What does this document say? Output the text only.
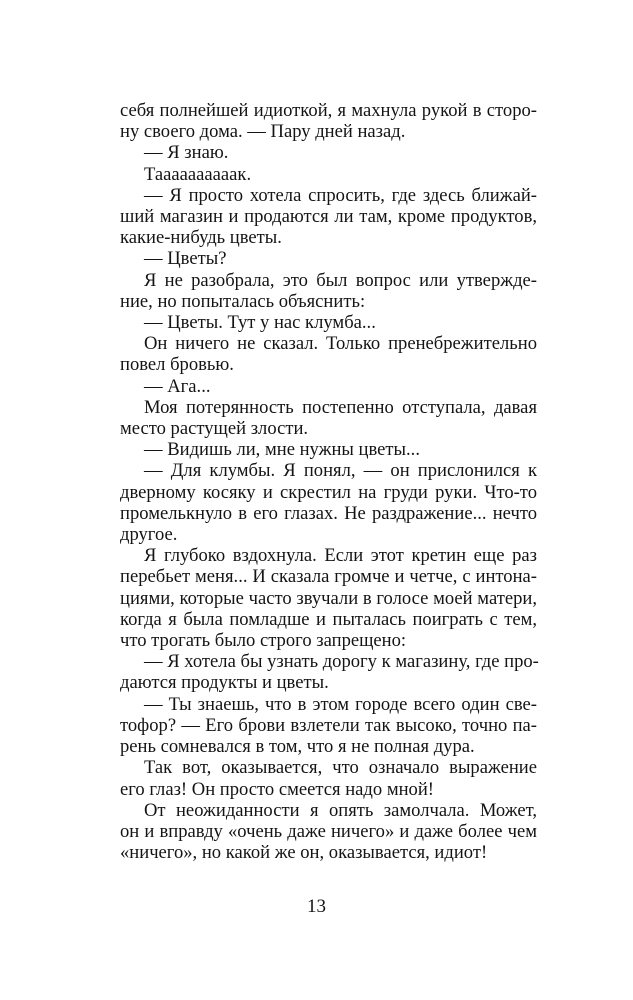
себя полнейшей идиоткой, я махнула рукой в сторо-
ну своего дома. — Пару дней назад.
— Я знаю.
Таааааааааак.
— Я просто хотела спросить, где здесь ближай-
ший магазин и продаются ли там, кроме продуктов,
какие-нибудь цветы.
— Цветы?
Я не разобрала, это был вопрос или утвержде-
ние, но попыталась объяснить:
— Цветы. Тут у нас клумба...
Он ничего не сказал. Только пренебрежительно
повел бровью.
— Ага...
Моя потерянность постепенно отступала, давая
место растущей злости.
— Видишь ли, мне нужны цветы...
— Для клумбы. Я понял, — он прислонился к
дверному косяку и скрестил на груди руки. Что-то
промелькнуло в его глазах. Не раздражение... нечто
другое.
Я глубоко вздохнула. Если этот кретин еще раз
перебьет меня... И сказала громче и четче, с интона-
циями, которые часто звучали в голосе моей матери,
когда я была помладше и пыталась поиграть с тем,
что трогать было строго запрещено:
— Я хотела бы узнать дорогу к магазину, где про-
даются продукты и цветы.
— Ты знаешь, что в этом городе всего один све-
тофор? — Его брови взлетели так высоко, точно па-
рень сомневался в том, что я не полная дура.
Так вот, оказывается, что означало выражение
его глаз! Он просто смеется надо мной!
От неожиданности я опять замолчала. Может,
он и вправду «очень даже ничего» и даже более чем
«ничего», но какой же он, оказывается, идиот!
13
